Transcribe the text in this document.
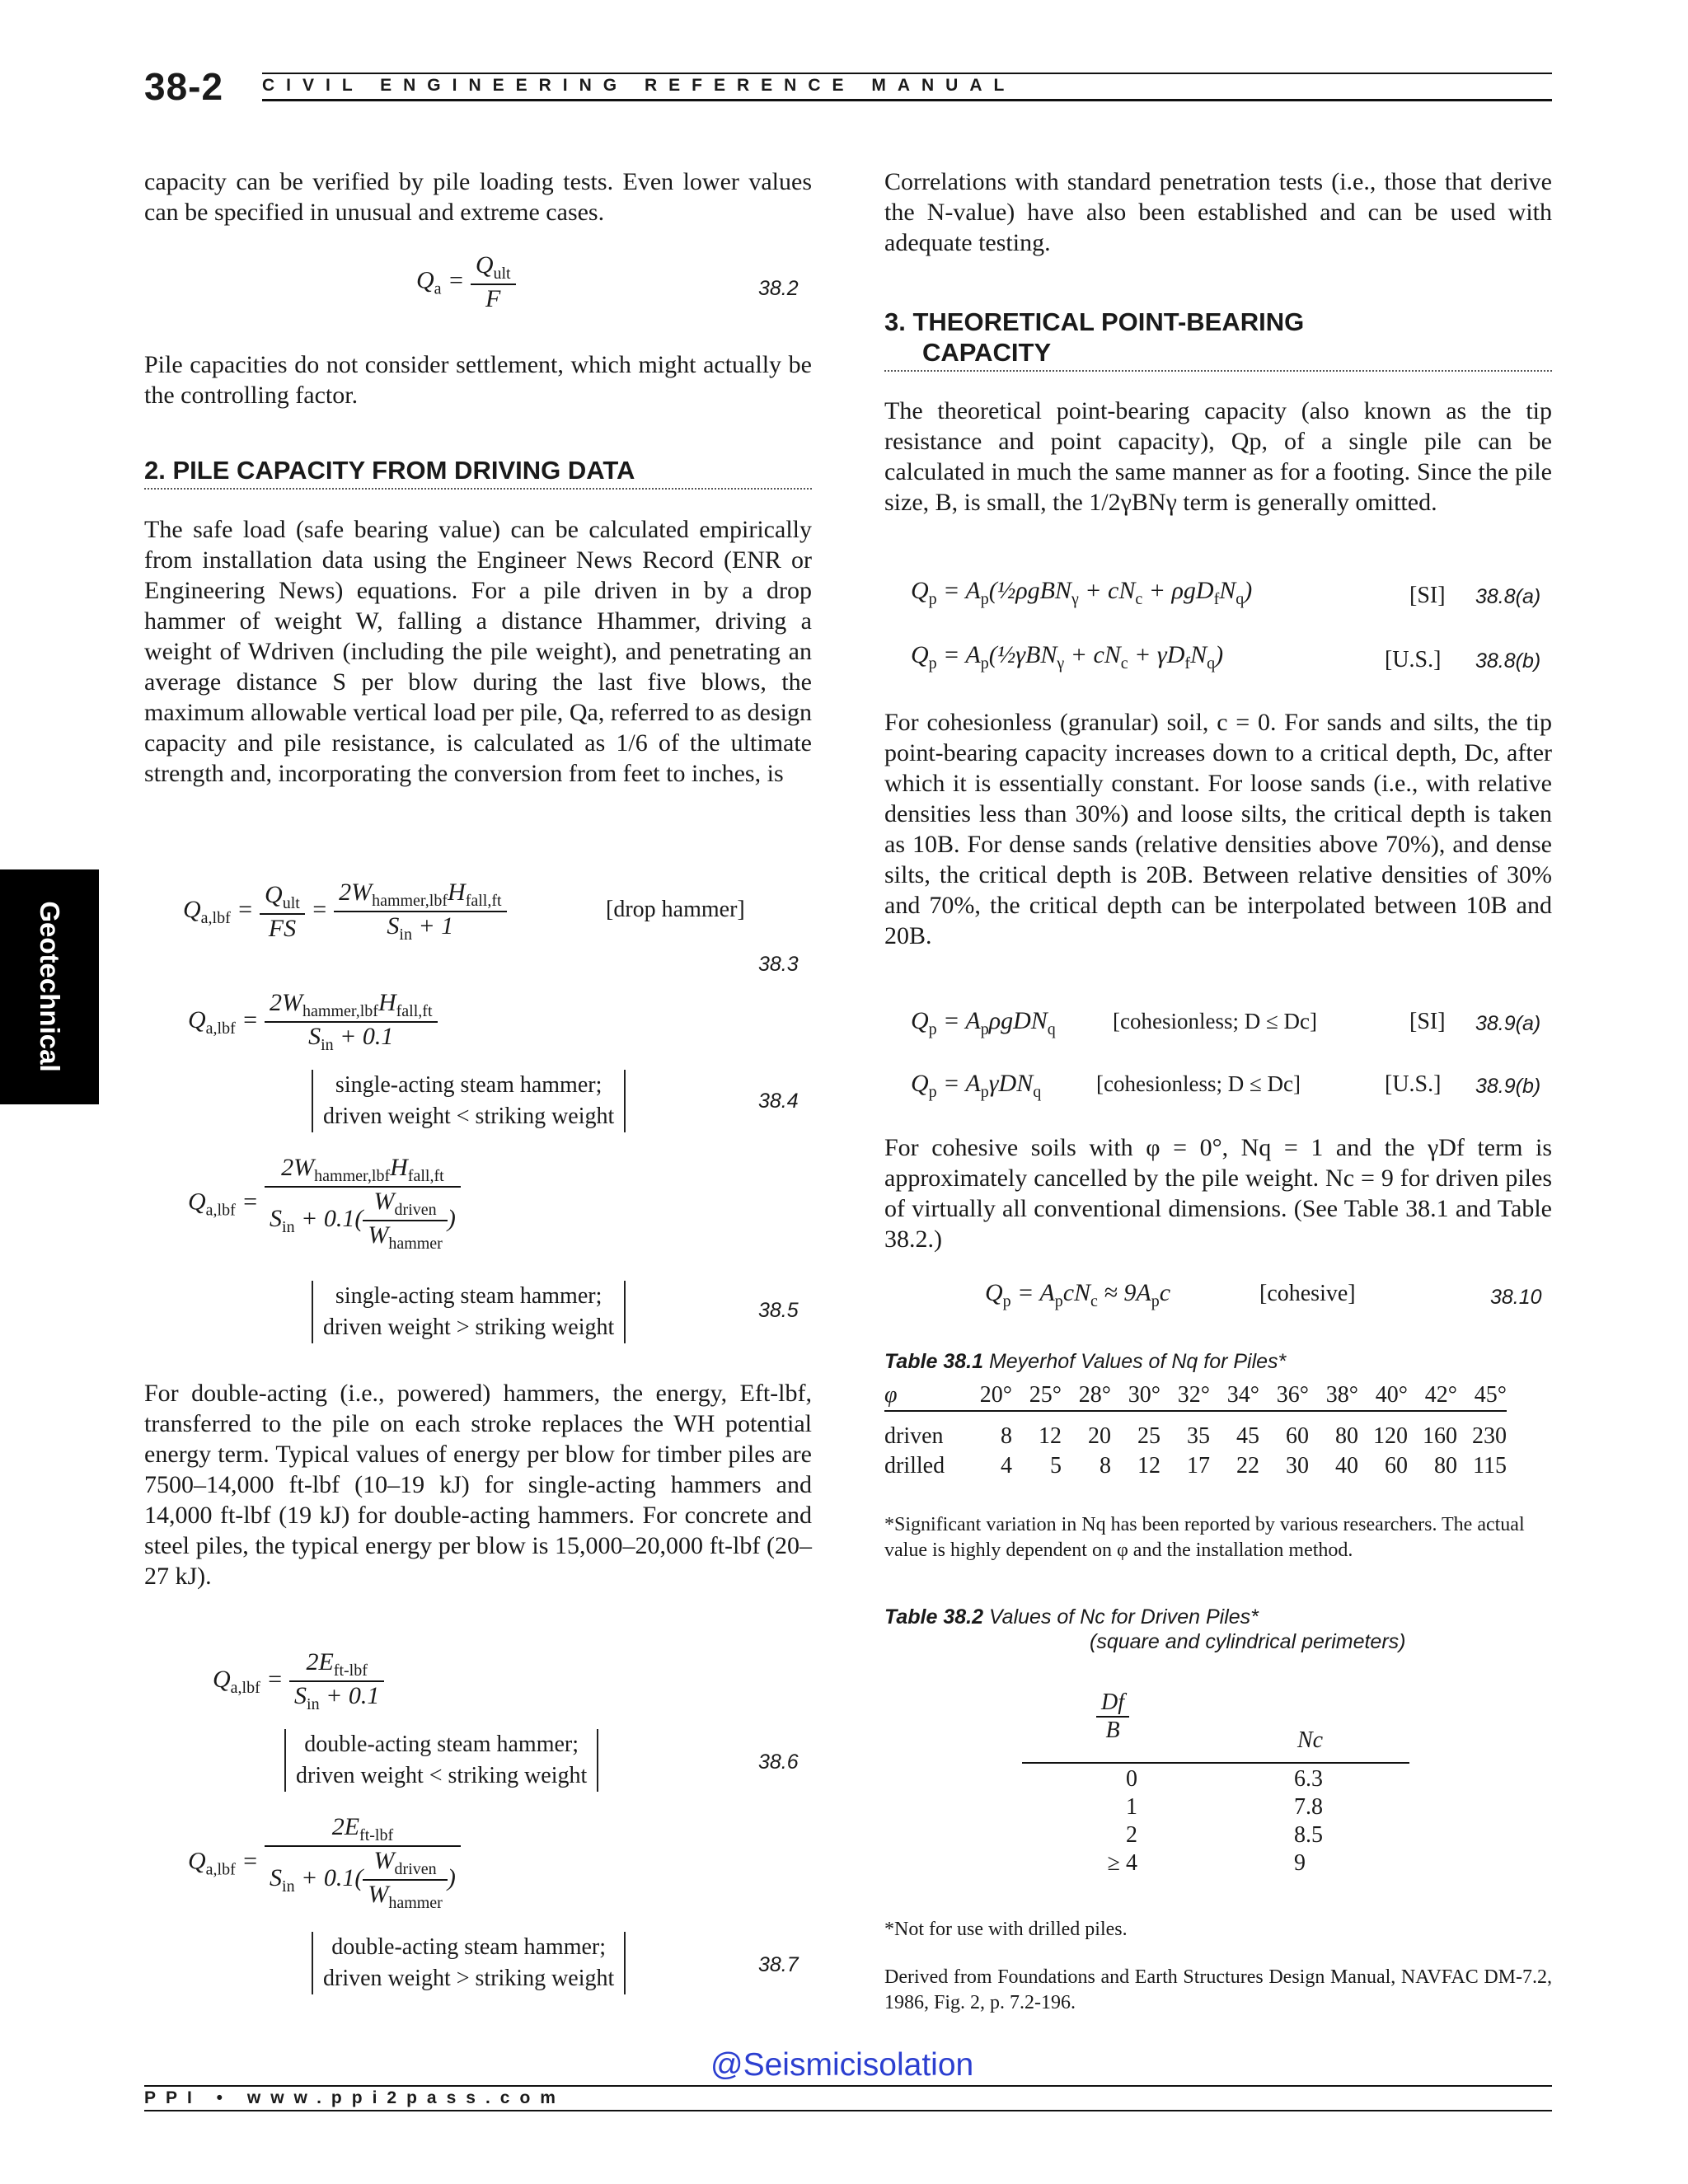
38-2 CIVIL ENGINEERING REFERENCE MANUAL
Geotechnical

capacity can be verified by pile loading tests. Even lower values can be specified in unusual and extreme cases.

$Q_a = \frac{Q_{ult}}{F}$	38.2

Pile capacities do not consider settlement, which might actually be the controlling factor.

2. PILE CAPACITY FROM DRIVING DATA

The safe load (safe bearing value) can be calculated empirically from installation data using the Engineer News Record (ENR or Engineering News) equations. For a pile driven in by a drop hammer of weight W, falling a distance Hhammer, driving a weight of Wdriven (including the pile weight), and penetrating an average distance S per blow during the last five blows, the maximum allowable vertical load per pile, Qa, referred to as design capacity and pile resistance, is calculated as 1/6 of the ultimate strength and, incorporating the conversion from feet to inches, is

$Q_{a,lbf} = \frac{Q_{ult}}{FS} = \frac{2W_{hammer,lbf}H_{fall,ft}}{S_{in} + 1}$	[drop hammer]
38.3
$Q_{a,lbf} = \frac{2W_{hammer,lbf}H_{fall,ft}}{S_{in} + 0.1}$
single-acting steam hammer;
driven weight < striking weight
38.4
$Q_{a,lbf} = \frac{2W_{hammer,lbf}H_{fall,ft}}{S_{in} + 0.1( \frac{W_{driven}}{W_{hammer}} )}$
single-acting steam hammer;
driven weight > striking weight
38.5

For double-acting (i.e., powered) hammers, the energy, Eft-lbf, transferred to the pile on each stroke replaces the WH potential energy term. Typical values of energy per blow for timber piles are 7500–14,000 ft-lbf (10–19 kJ) for single-acting hammers and 14,000 ft-lbf (19 kJ) for double-acting hammers. For concrete and steel piles, the typical energy per blow is 15,000–20,000 ft-lbf (20–27 kJ).

$Q_{a,lbf} = \frac{2E_{ft-lbf}}{S_{in} + 0.1}$
double-acting steam hammer;
driven weight < striking weight
38.6
$Q_{a,lbf} = \frac{2E_{ft-lbf}}{S_{in} + 0.1( \frac{W_{driven}}{W_{hammer}} )}$
double-acting steam hammer;
driven weight > striking weight
38.7

Correlations with standard penetration tests (i.e., those that derive the N-value) have also been established and can be used with adequate testing.

3. THEORETICAL POINT-BEARING
CAPACITY

The theoretical point-bearing capacity (also known as the tip resistance and point capacity), Qp, of a single pile can be calculated in much the same manner as for a footing. Since the pile size, B, is small, the 1/2γBNγ term is generally omitted.

$Q_p$ = $A_p(\frac{1}{2}\rho gBN_\gamma + cN_c + \rho gD_fN_q)$	[SI] 38.8(a)
$Q_p$ = $A_p(\frac{1}{2}\gamma BN_\gamma + cN_c + \gamma D_fN_q)$	[U.S.] 38.8(b)

For cohesionless (granular) soil, c = 0. For sands and silts, the tip point-bearing capacity increases down to a critical depth, Dc, after which it is essentially constant. For loose sands (i.e., with relative densities less than 30%) and loose silts, the critical depth is taken as 10B. For dense sands (relative densities above 70%), and dense silts, the critical depth is 20B. Between relative densities of 30% and 70%, the critical depth can be interpolated between 10B and 20B.

$Q_p = A_p\rho gDN_q$	[cohesionless; D ≤ Dc]	[SI] 38.9(a)
$Q_p = A_p\gamma DN_q$ [cohesionless; D ≤ Dc]	[U.S.] 38.9(b)

For cohesive soils with φ = 0°, Nq = 1 and the γDf term is approximately cancelled by the pile weight. Nc = 9 for driven piles of virtually all conventional dimensions. (See Table 38.1 and Table 38.2.)

$Q_p = A_pcN_c \approx 9A_pc$	[cohesive]	38.10
Table 38.1 Meyerhof Values of Nq for Piles*
φ	20°	25°	28°	30°	32°	34°	36°	38°	40°	42°	45°
driven	8	12	20	25	35	45	60	80	120	160	230
drilled	4	5	8	12	17	22	30	40	60	80	115
*Significant variation in Nq has been reported by various researchers. The actual value is highly dependent on φ and the installation method.
Table 38.2 Values of Nc for Driven Piles*
(square and cylindrical perimeters)
$\frac{Df}{B}$	Nc
0	6.3
1	7.8
2	8.5
≥ 4	9
*Not for use with drilled piles.
Derived from Foundations and Earth Structures Design Manual, NAVFAC DM-7.2, 1986, Fig. 2, p. 7.2-196.
@Seismicisolation
PPI • www.ppi2pass.com
